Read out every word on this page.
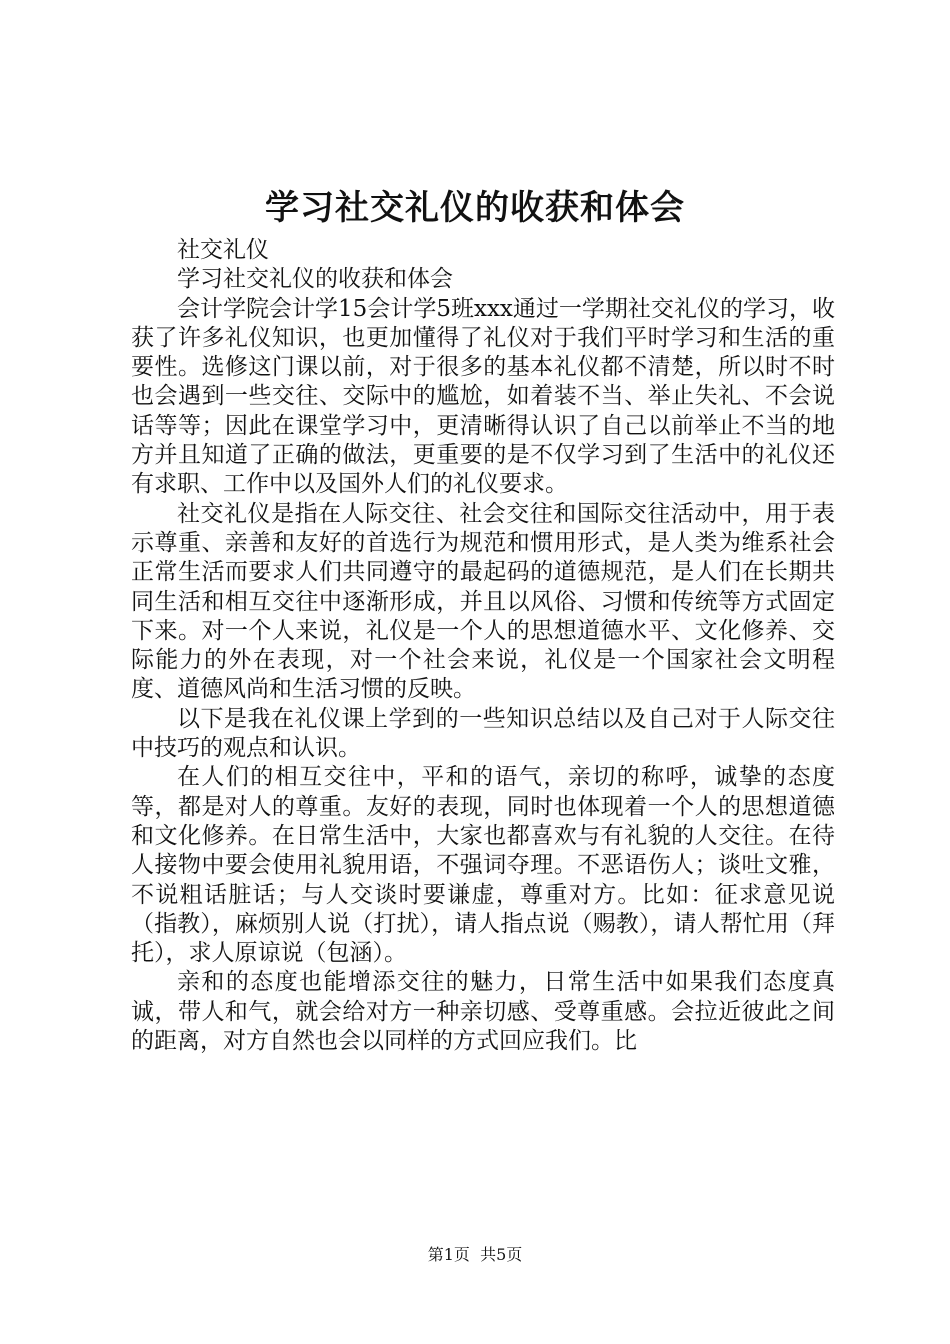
学习社交礼仪的收获和体会

社交礼仪

学习社交礼仪的收获和体会

会计学院会计学15会计学5班xxx通过一学期社交礼仪的学习，收获了许多礼仪知识，也更加懂得了礼仪对于我们平时学习和生活的重要性。选修这门课以前，对于很多的基本礼仪都不清楚，所以时不时也会遇到一些交往、交际中的尴尬，如着装不当、举止失礼、不会说话等等；因此在课堂学习中，更清晰得认识了自己以前举止不当的地方并且知道了正确的做法，更重要的是不仅学习到了生活中的礼仪还有求职、工作中以及国外人们的礼仪要求。

社交礼仪是指在人际交往、社会交往和国际交往活动中，用于表示尊重、亲善和友好的首选行为规范和惯用形式，是人类为维系社会正常生活而要求人们共同遵守的最起码的道德规范，是人们在长期共同生活和相互交往中逐渐形成，并且以风俗、习惯和传统等方式固定下来。对一个人来说，礼仪是一个人的思想道德水平、文化修养、交际能力的外在表现，对一个社会来说，礼仪是一个国家社会文明程度、道德风尚和生活习惯的反映。

以下是我在礼仪课上学到的一些知识总结以及自己对于人际交往中技巧的观点和认识。

在人们的相互交往中，平和的语气，亲切的称呼，诚挚的态度等，都是对人的尊重。友好的表现，同时也体现着一个人的思想道德和文化修养。在日常生活中，大家也都喜欢与有礼貌的人交往。在待人接物中要会使用礼貌用语，不强词夺理。不恶语伤人；谈吐文雅，不说粗话脏话；与人交谈时要谦虚，尊重对方。比如：征求意见说（指教），麻烦别人说（打扰），请人指点说（赐教），请人帮忙用（拜托），求人原谅说（包涵）。

亲和的态度也能增添交往的魅力，日常生活中如果我们态度真诚，带人和气，就会给对方一种亲切感、受尊重感。会拉近彼此之间的距离，对方自然也会以同样的方式回应我们。比

第1页 共5页
